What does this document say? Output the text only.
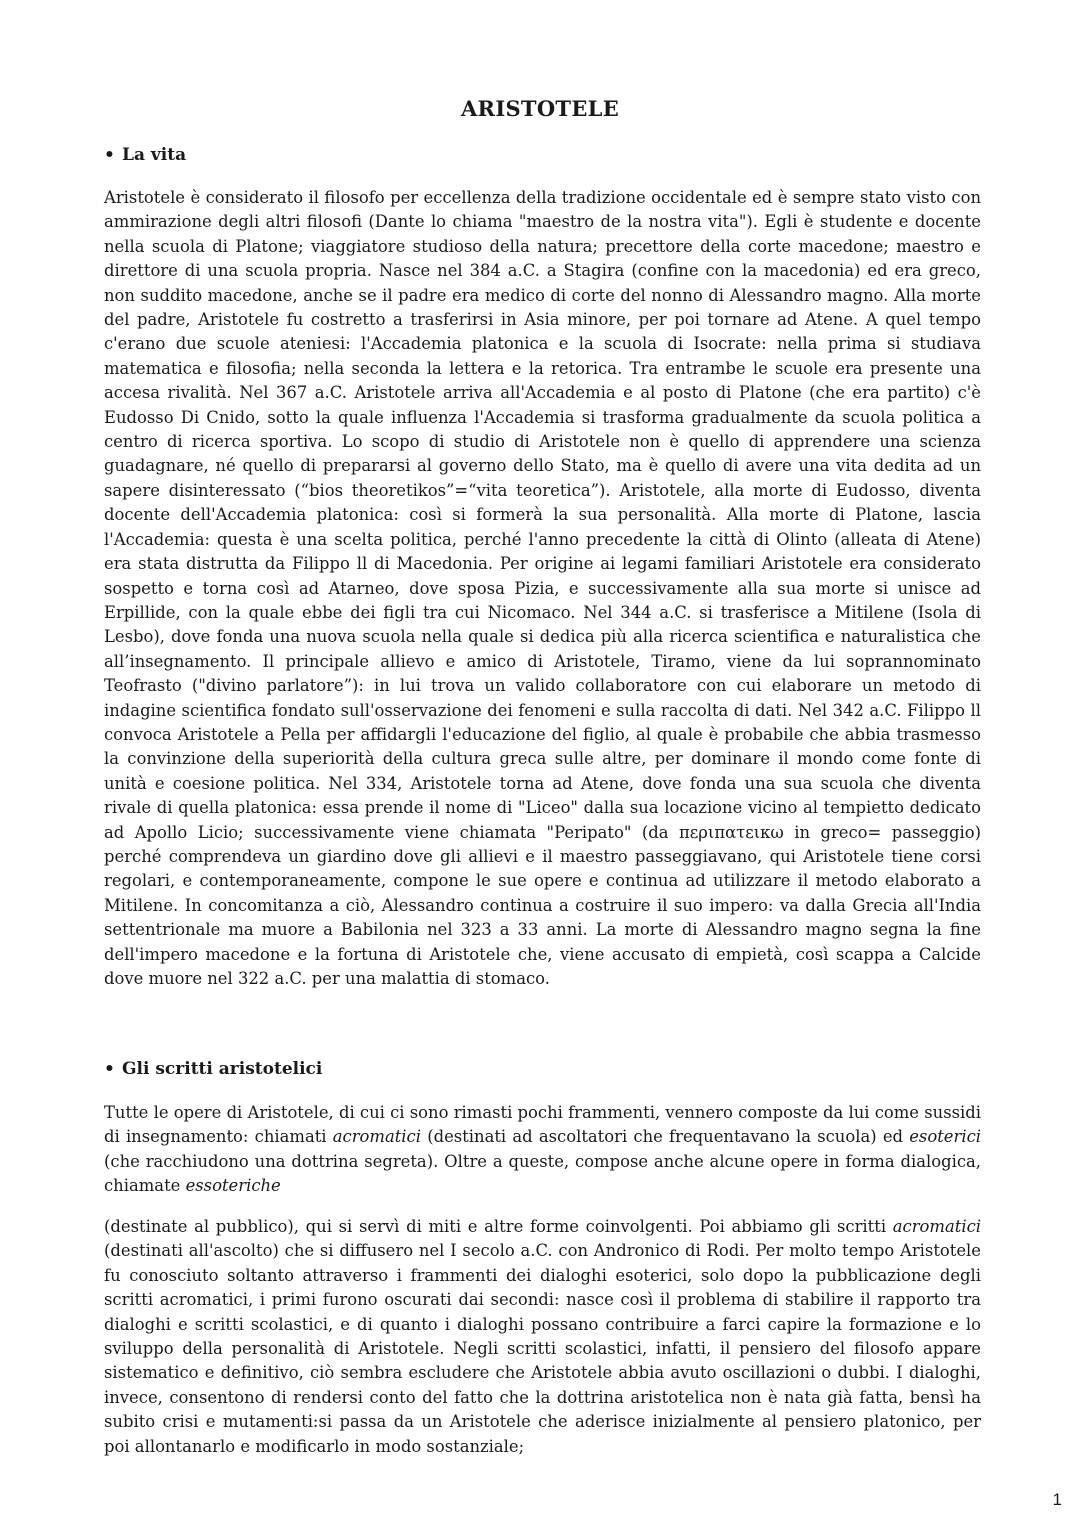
ARISTOTELE
• La vita

Aristotele è considerato il filosofo per eccellenza della tradizione occidentale ed è sempre stato visto con ammirazione degli altri filosofi (Dante lo chiama "maestro de la nostra vita"). Egli è studente e docente nella scuola di Platone; viaggiatore studioso della natura; precettore della corte macedone; maestro e direttore di una scuola propria. Nasce nel 384 a.C. a Stagira (confine con la macedonia) ed era greco, non suddito macedone, anche se il padre era medico di corte del nonno di Alessandro magno. Alla morte del padre, Aristotele fu costretto a trasferirsi in Asia minore, per poi tornare ad Atene. A quel tempo c'erano due scuole ateniesi: l'Accademia platonica e la scuola di Isocrate: nella prima si studiava matematica e filosofia; nella seconda la lettera e la retorica. Tra entrambe le scuole era presente una accesa rivalità. Nel 367 a.C. Aristotele arriva all'Accademia e al posto di Platone (che era partito) c'è Eudosso Di Cnido, sotto la quale influenza l'Accademia si trasforma gradualmente da scuola politica a centro di ricerca sportiva. Lo scopo di studio di Aristotele non è quello di apprendere una scienza guadagnare, né quello di prepararsi al governo dello Stato, ma è quello di avere una vita dedita ad un sapere disinteressato (“bios theoretikos”=“vita teoretica”). Aristotele, alla morte di Eudosso, diventa docente dell'Accademia platonica: così si formerà la sua personalità. Alla morte di Platone, lascia l'Accademia: questa è una scelta politica, perché l'anno precedente la città di Olinto (alleata di Atene) era stata distrutta da Filippo ll di Macedonia. Per origine ai legami familiari Aristotele era considerato sospetto e torna così ad Atarneo, dove sposa Pizia, e successivamente alla sua morte si unisce ad Erpillide, con la quale ebbe dei figli tra cui Nicomaco. Nel 344 a.C. si trasferisce a Mitilene (Isola di Lesbo), dove fonda una nuova scuola nella quale si dedica più alla ricerca scientifica e naturalistica che all’insegnamento. Il principale allievo e amico di Aristotele, Tiramo, viene da lui soprannominato Teofrasto ("divino parlatore”): in lui trova un valido collaboratore con cui elaborare un metodo di indagine scientifica fondato sull'osservazione dei fenomeni e sulla raccolta di dati. Nel 342 a.C. Filippo ll convoca Aristotele a Pella per affidargli l'educazione del figlio, al quale è probabile che abbia trasmesso la convinzione della superiorità della cultura greca sulle altre, per dominare il mondo come fonte di unità e coesione politica. Nel 334, Aristotele torna ad Atene, dove fonda una sua scuola che diventa rivale di quella platonica: essa prende il nome di "Liceo" dalla sua locazione vicino al tempietto dedicato ad Apollo Licio; successivamente viene chiamata "Peripato" (da περιπατεικω in greco= passeggio) perché comprendeva un giardino dove gli allievi e il maestro passeggiavano, qui Aristotele tiene corsi regolari, e contemporaneamente, compone le sue opere e continua ad utilizzare il metodo elaborato a Mitilene. In concomitanza a ciò, Alessandro continua a costruire il suo impero: va dalla Grecia all'India settentrionale ma muore a Babilonia nel 323 a 33 anni. La morte di Alessandro magno segna la fine dell'impero macedone e la fortuna di Aristotele che, viene accusato di empietà, così scappa a Calcide dove muore nel 322 a.C. per una malattia di stomaco.

• Gli scritti aristotelici

Tutte le opere di Aristotele, di cui ci sono rimasti pochi frammenti, vennero composte da lui come sussidi di insegnamento: chiamati acromatici (destinati ad ascoltatori che frequentavano la scuola) ed esoterici (che racchiudono una dottrina segreta). Oltre a queste, compose anche alcune opere in forma dialogica, chiamate essoteriche

(destinate al pubblico), qui si servì di miti e altre forme coinvolgenti. Poi abbiamo gli scritti acromatici (destinati all'ascolto) che si diffusero nel I secolo a.C. con Andronico di Rodi. Per molto tempo Aristotele fu conosciuto soltanto attraverso i frammenti dei dialoghi esoterici, solo dopo la pubblicazione degli scritti acromatici, i primi furono oscurati dai secondi: nasce così il problema di stabilire il rapporto tra dialoghi e scritti scolastici, e di quanto i dialoghi possano contribuire a farci capire la formazione e lo sviluppo della personalità di Aristotele. Negli scritti scolastici, infatti, il pensiero del filosofo appare sistematico e definitivo, ciò sembra escludere che Aristotele abbia avuto oscillazioni o dubbi. I dialoghi, invece, consentono di rendersi conto del fatto che la dottrina aristotelica non è nata già fatta, bensì ha subito crisi e mutamenti:si passa da un Aristotele che aderisce inizialmente al pensiero platonico, per poi allontanarlo e modificarlo in modo sostanziale;

1
